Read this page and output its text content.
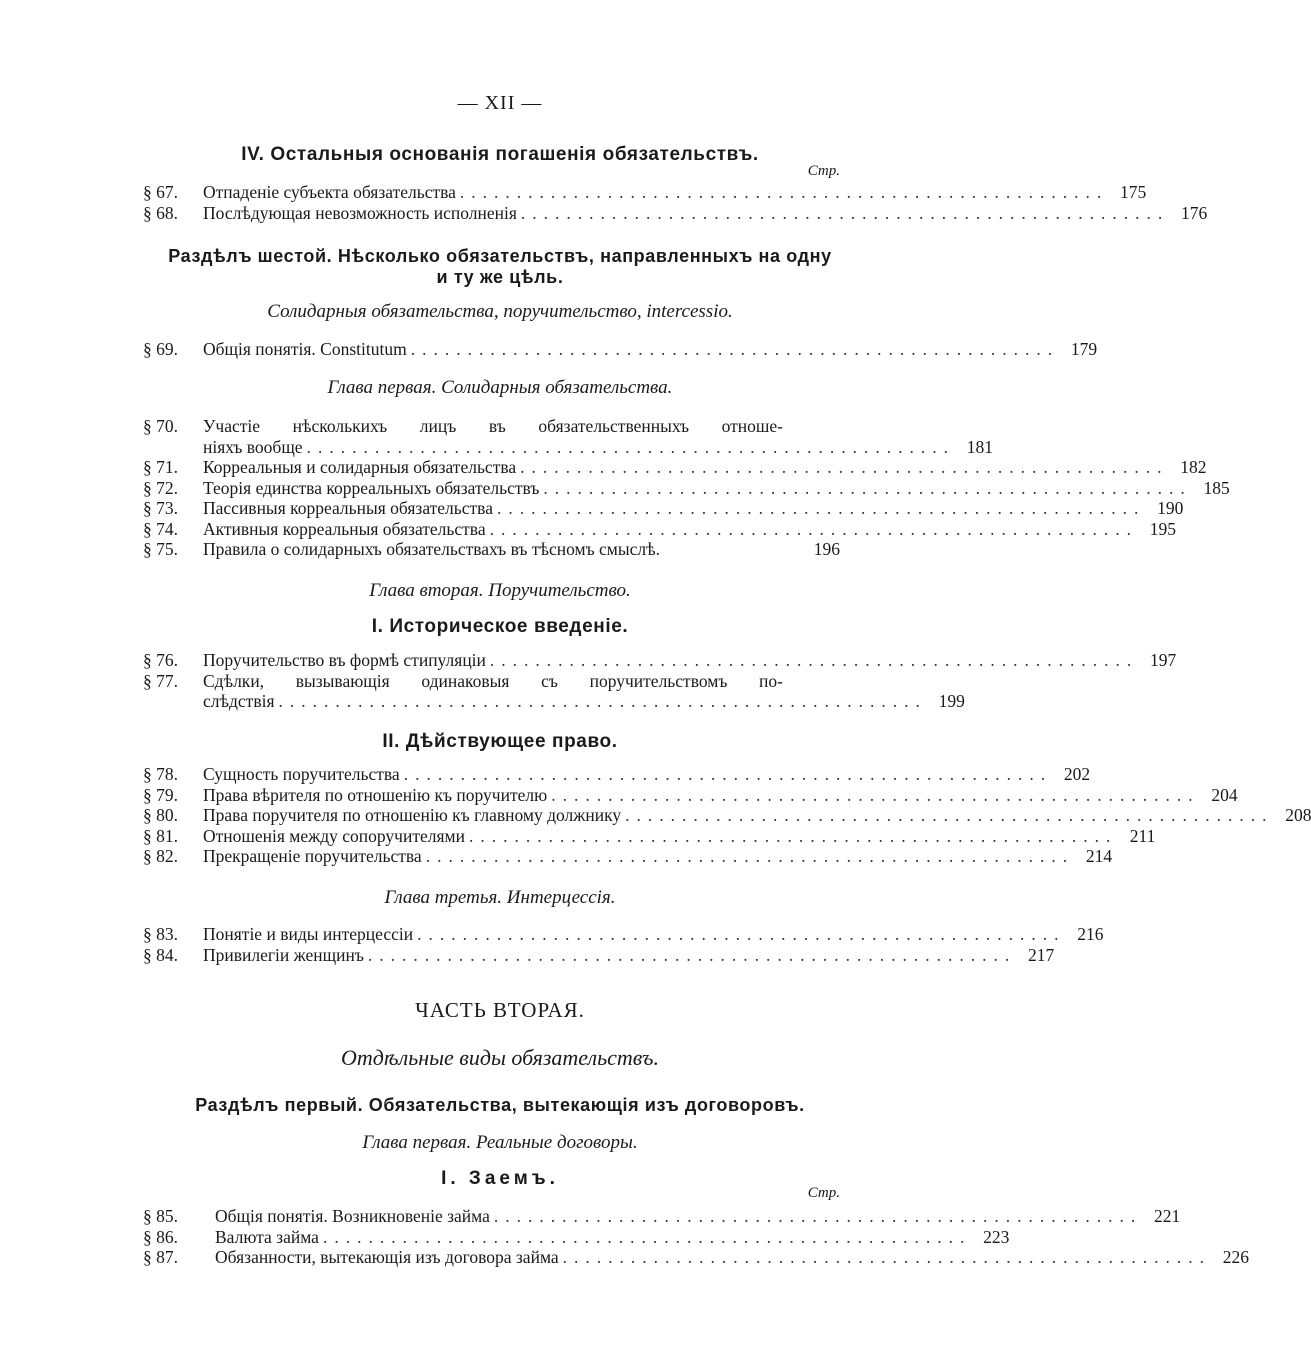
— XII —
IV. Остальныя основанія погашенія обязательствъ.
Стр.
§ 67.	Отпаденіе субъекта обязательства ......................................................... 175
§ 68.	Послѣдующая невозможность исполненія ......................................................... 176
Раздѣлъ шестой. Нѣсколько обязательствъ, направленныхъ на одну
и ту же цѣль.
Солидарныя обязательства, поручительство, intercessio.
§ 69.	Общія понятія. Constitutum ......................................................... 179
Глава первая. Солидарныя обязательства.
§ 70.	Участіе нѣсколькихъ лицъ въ обязательственныхъ отноше-
ніяхъ вообще ......................................................... 181
§ 71.	Корреальныя и солидарныя обязательства ......................................................... 182
§ 72.	Теорія единства корреальныхъ обязательствъ ......................................................... 185
§ 73.	Пассивныя корреальныя обязательства ......................................................... 190
§ 74.	Активныя корреальныя обязательства ......................................................... 195
§ 75.	Правила о солидарныхъ обязательствахъ въ тѣсномъ смыслѣ.	196
Глава вторая. Поручительство.
I. Историческое введеніе.
§ 76.	Поручительство въ формѣ стипуляціи ......................................................... 197
§ 77.	Сдѣлки, вызывающія одинаковыя съ поручительствомъ по-
слѣдствія ......................................................... 199
II. Дѣйствующее право.
§ 78.	Сущность поручительства ......................................................... 202
§ 79.	Права вѣрителя по отношенію къ поручителю ......................................................... 204
§ 80.	Права поручителя по отношенію къ главному должнику ......................................................... 208
§ 81.	Отношенія между сопоручителями ......................................................... 211
§ 82.	Прекращеніе поручительства ......................................................... 214
Глава третья. Интерцессія.
§ 83.	Понятіе и виды интерцессіи ......................................................... 216
§ 84.	Привилегіи женщинъ ......................................................... 217
ЧАСТЬ ВТОРАЯ.
Отдѣльные виды обязательствъ.
Раздѣлъ первый. Обязательства, вытекающія изъ договоровъ.
Глава первая. Реальные договоры.
I. Заемъ.
Стр.
§ 85.	Общія понятія. Возникновеніе займа ......................................................... 221
§ 86.	Валюта займа ......................................................... 223
§ 87.	Обязанности, вытекающія изъ договора займа ......................................................... 226
